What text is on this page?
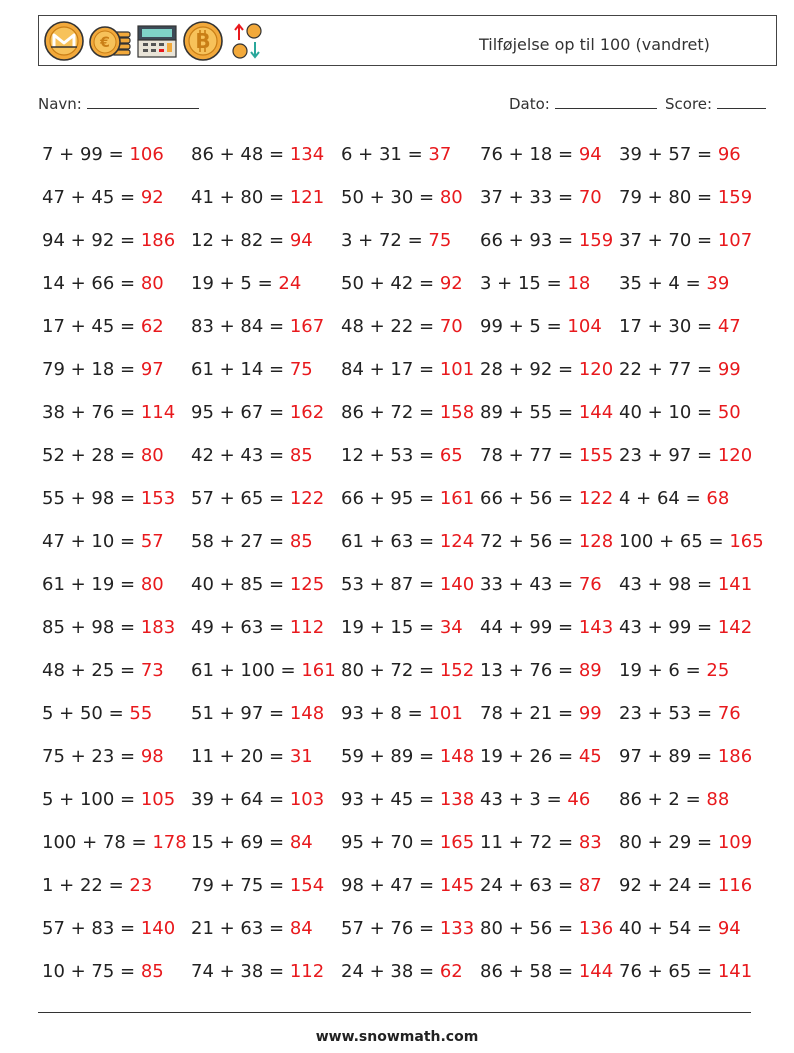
€	B	Tilføjelse op til 100 (vandret)
Navn:	Dato:	Score:
7 + 99 = 106	86 + 48 = 134 6 + 31 = 37	76 + 18 = 94 39 + 57 = 96
47 + 45 = 92	41 + 80 = 121 50 + 30 = 80 37 + 33 = 70 79 + 80 = 159
94 + 92 = 186 12 + 82 = 94	3 + 72 = 75	66 + 93 = 159 37 + 70 = 107
14 + 66 = 80	19 + 5 = 24	50 + 42 = 92 3 + 15 = 18	35 + 4 = 39
17 + 45 = 62	83 + 84 = 167 48 + 22 = 70 99 + 5 = 104 17 + 30 = 47
79 + 18 = 97	61 + 14 = 75	84 + 17 = 101 28 + 92 = 120 22 + 77 = 99
38 + 76 = 114 95 + 67 = 162 86 + 72 = 158 89 + 55 = 144 40 + 10 = 50
52 + 28 = 80	42 + 43 = 85	12 + 53 = 65 78 + 77 = 155 23 + 97 = 120
55 + 98 = 153 57 + 65 = 122 66 + 95 = 161 66 + 56 = 122 4 + 64 = 68
47 + 10 = 57	58 + 27 = 85	61 + 63 = 124 72 + 56 = 128 100 + 65 = 165
61 + 19 = 80	40 + 85 = 125 53 + 87 = 140 33 + 43 = 76 43 + 98 = 141
85 + 98 = 183 49 + 63 = 112 19 + 15 = 34 44 + 99 = 143 43 + 99 = 142
48 + 25 = 73	61 + 100 = 161 80 + 72 = 152 13 + 76 = 89 19 + 6 = 25
5 + 50 = 55	51 + 97 = 148 93 + 8 = 101 78 + 21 = 99 23 + 53 = 76
75 + 23 = 98	11 + 20 = 31	59 + 89 = 148 19 + 26 = 45 97 + 89 = 186
5 + 100 = 105 39 + 64 = 103 93 + 45 = 138 43 + 3 = 46	86 + 2 = 88
100 + 78 = 178 15 + 69 = 84	95 + 70 = 165 11 + 72 = 83 80 + 29 = 109
1 + 22 = 23	79 + 75 = 154 98 + 47 = 145 24 + 63 = 87 92 + 24 = 116
57 + 83 = 140 21 + 63 = 84	57 + 76 = 133 80 + 56 = 136 40 + 54 = 94
10 + 75 = 85	74 + 38 = 112 24 + 38 = 62 86 + 58 = 144 76 + 65 = 141
www.snowmath.com
